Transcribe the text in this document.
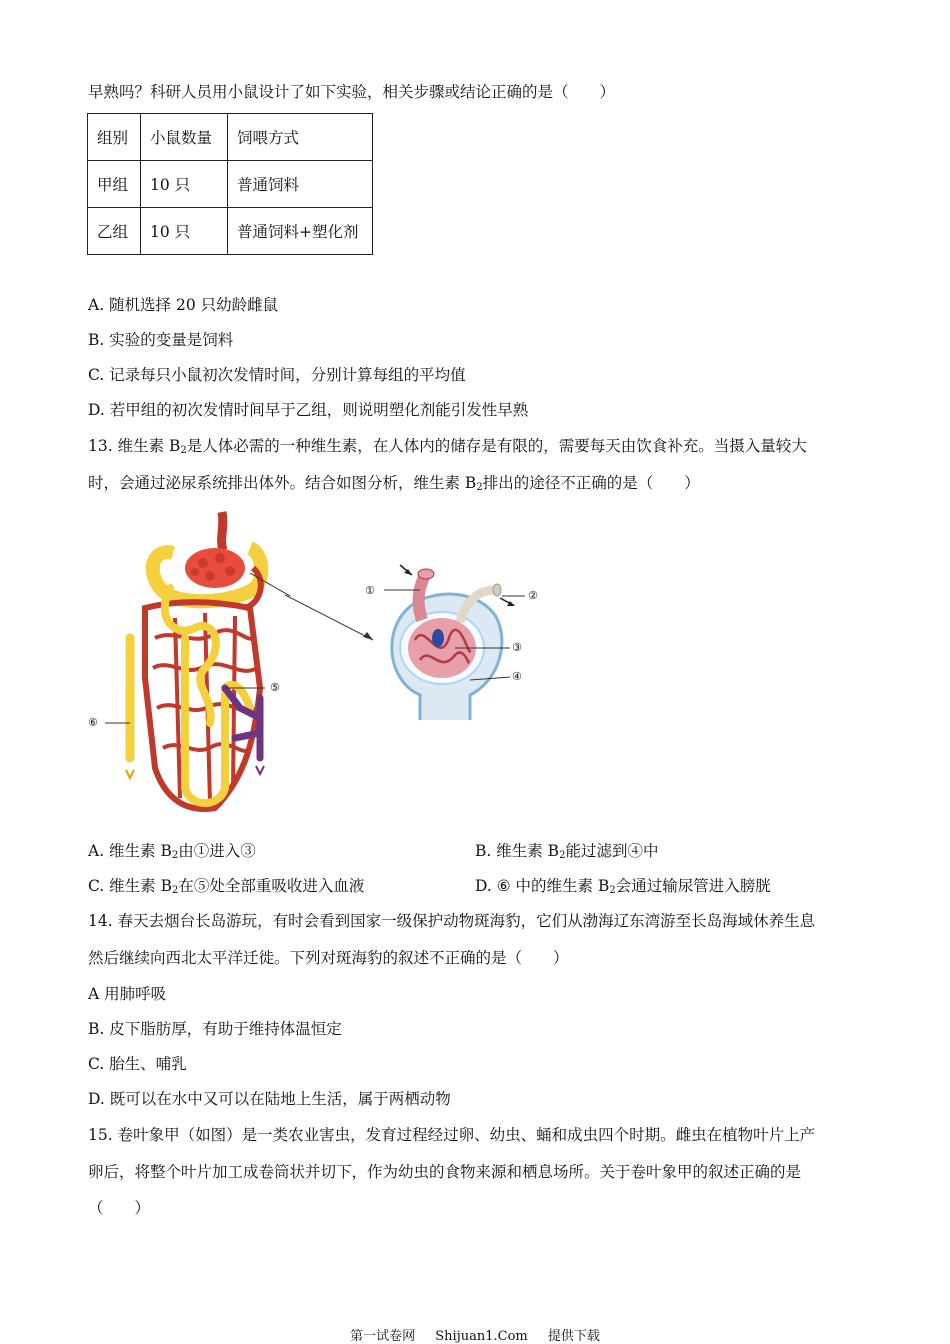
早熟吗？科研人员用小鼠设计了如下实验，相关步骤或结论正确的是（　　）
组别	小鼠数量	饲喂方式
甲组	10 只	普通饲料
乙组	10 只	普通饲料+塑化剂
A. 随机选择 20 只幼龄雌鼠
B. 实验的变量是饲料
C. 记录每只小鼠初次发情时间，分别计算每组的平均值
D. 若甲组的初次发情时间早于乙组，则说明塑化剂能引发性早熟
13. 维生素 $B_2$是人体必需的一种维生素，在人体内的储存是有限的，需要每天由饮食补充。当摄入量较大
时，会通过泌尿系统排出体外。结合如图分析，维生素 $B_2$排出的途径不正确的是（　　）
①	②
③
④
⑤
⑥
A. 维生素 $B_2$由①进入③	B. 维生素 $B_2$能过滤到④中
C. 维生素 $B_2$在⑤处全部重吸收进入血液	D. ⑥ 中的维生素 $B_2$会通过输尿管进入膀胱
14. 春天去烟台长岛游玩，有时会看到国家一级保护动物斑海豹，它们从渤海辽东湾游至长岛海域休养生息
然后继续向西北太平洋迁徙。下列对斑海豹的叙述不正确的是（　　）
A 用肺呼吸
B. 皮下脂肪厚，有助于维持体温恒定
C. 胎生、哺乳
D. 既可以在水中又可以在陆地上生活，属于两栖动物
15. 卷叶象甲（如图）是一类农业害虫，发育过程经过卵、幼虫、蛹和成虫四个时期。雌虫在植物叶片上产
卵后，将整个叶片加工成卷筒状并切下，作为幼虫的食物来源和栖息场所。关于卷叶象甲的叙述正确的是
（　　）
第一试卷网 Shijuan1.Com 提供下载
